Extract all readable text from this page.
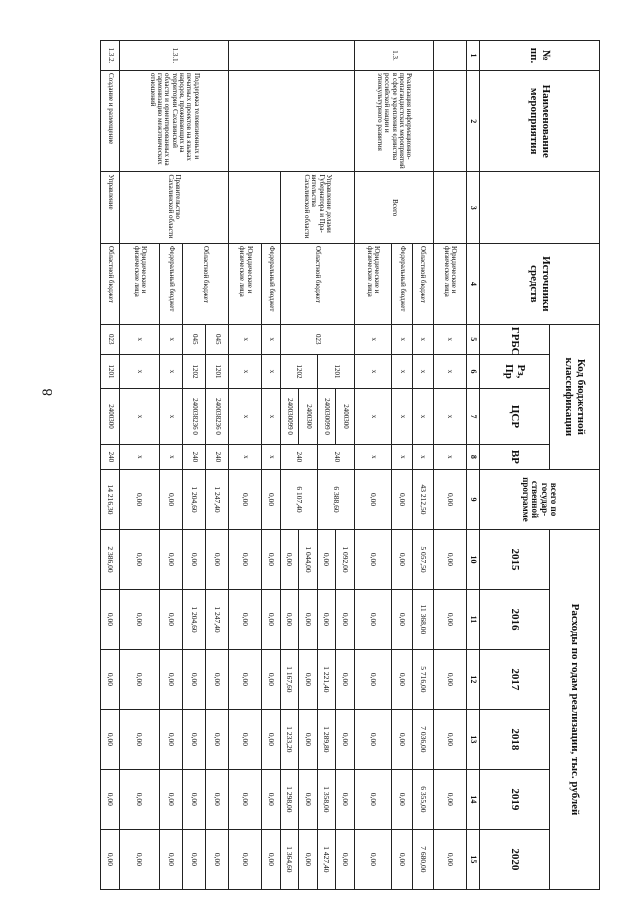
8
№ пп.	Наименование мероприятия		Источники средств	Код бюджетной классификации				всего по государственной программе	Расходы по годам реализации, тыс. рублей					
				ГРБС	Рз, Пр	ЦСР	ВР		2015	2016	2017	2018	2019	2020
1	2	3	4	5	6	7	8	9	10	11	12	13	14	15
			Юридические и физические лица	х	х	х	х	0,00	0,00	0,00	0,00	0,00	0,00	0,00
1.3.	Реализация информационно-пропагандистских мероприятий в сфере укрепления единства российской нации и этнокультурного развития	Всего	Областной бюджет	х	х	х	х	43 212,50	5 057,50	11 368,00	5 716,00	7 036,00	6 355,00	7 680,00
			Федеральный бюджет	х	х	х	х	0,00	0,00	0,00	0,00	0,00	0,00	0,00
			Юридические и физические лица	х	х	х	х	0,00	0,00	0,00	0,00	0,00	0,00	0,00
		Управление делами Губернатора и Правительства Сахалинской области	Областной бюджет	023	1201	2400300	240	6 388,60	1 092,00	0,00	0,00	0,00	0,00	0,00
						240030099 0			0,00	0,00	1 221,40	1 289,80	1 358,00	1 427,40
					1202	2400300	240	6 107,40	1 044,00	0,00	0,00	0,00	0,00	0,00
						240030099 0			0,00	0,00	1 167,60	1 233,20	1 298,00	1 364,60
			Федеральный бюджет	х	х	х	х	0,00	0,00	0,00	0,00	0,00	0,00	0,00
			Юридические и физические лица	х	х	х	х	0,00	0,00	0,00	0,00	0,00	0,00	0,00
1.3.1.	Поддержка телевизионных и печатных проектов на языках народов, проживающих на территории Сахалинской области и ориентированных на гармонизацию межэтнических отношений	Правительство Сахалинской области	Областной бюджет	045	1201	240038236 0	240	1 247,40	0,00	1 247,40	0,00	0,00	0,00	0,00
				045	1202	240038236 0	240	1 204,60	0,00	1 204,60	0,00	0,00	0,00	0,00
			Федеральный бюджет	х	х	х	х	0,00	0,00	0,00	0,00	0,00	0,00	0,00
			Юридические и физические лица	х	х	х	х	0,00	0,00	0,00	0,00	0,00	0,00	0,00
1.3.2.	Создание и размещение	Управление	Областной бюджет	023	1201	2400300	240	14 216,30	2 386,00	0,00	0,00	0,00	0,00	0,00
